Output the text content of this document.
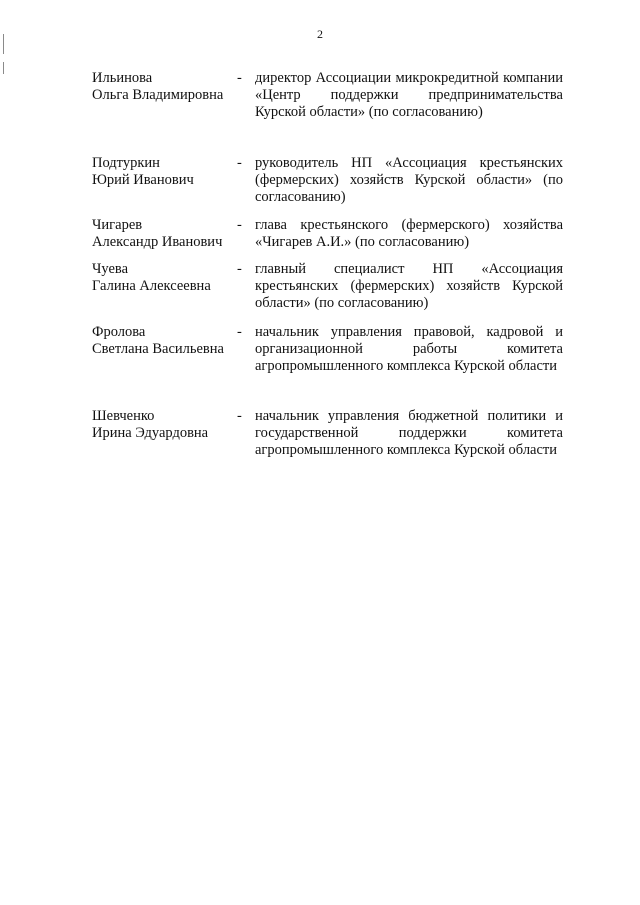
2
Ильинова
Ольга Владимировна
- директор Ассоциации микрокредитной компании «Центр поддержки предпринимательства Курской области» (по согласованию)
Подтуркин
Юрий Иванович
- руководитель НП «Ассоциация крестьянских (фермерских) хозяйств Курской области» (по согласованию)
Чигарев
Александр Иванович
- глава крестьянского (фермерского) хозяйства «Чигарев А.И.» (по согласованию)
Чуева
Галина Алексеевна
- главный специалист НП «Ассоциация крестьянских (фермерских) хозяйств Курской области» (по согласованию)
Фролова
Светлана Васильевна
- начальник управления правовой, кадровой и организационной работы комитета агропромышленного комплекса Курской области
Шевченко
Ирина Эдуардовна
- начальник управления бюджетной политики и государственной поддержки комитета агропромышленного комплекса Курской области
